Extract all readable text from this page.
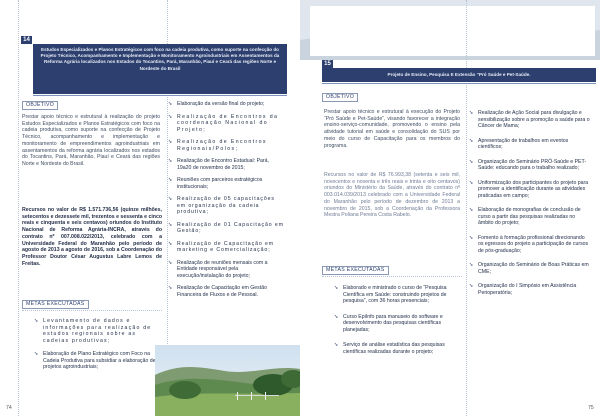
14
Estudos Especializados e Planos Estratégicos com foco na cadeia produtiva, como suporte na confecção do Projeto Técnico, Acompanhamento e Implementação e Monitoramento Agroindustriais em Assentamentos da Reforma Agrária localizados nos Estados do Tocantins, Pará, Maranhão, Piauí e Ceará das regiões Norte e Nordeste do Brasil
OBJETIVO
Prestar apoio técnico e estrutural à realização do projeto Estudos Especializados e Planos Estratégicos com foco na cadeia produtiva, como suporte na confecção de Projeto Técnico, acompanhamento e implementação e monitoramento de empreendimentos agroindustriais em assentamentos da reforma agrária localizados nos estados do Tocantins, Pará, Maranhão, Piauí e Ceará das regiões Norte e Nordeste do Brasil.
Recursos no valor de R$ 1.571.736,56 (quinze milhões, setecentos e dezessete mil, trezentos e sessenta e cinco reais e cinquenta e seis centavos) oriundos do Instituto Nacional de Reforma Agrária-INCRA, através do contrato nº 007.008.022/2013, celebrado com a Universidade Federal do Maranhão pelo período de agosto de 2013 a agosto de 2016, sob a Coordenação do Professor Doutor César Augustus Labre Lemos de Freitas.
METAS EXECUTADAS
➘ Levantamento de dados e informações para realização de estudos regionais sobre as cadeias produtivas;
➘ Elaboração de Plano Estratégico com Foco na Cadeia Produtiva para subsidiar a elaboração de projetos agroindustriais;
➘ Elaboração da versão final do projeto;
➘ Realização de Encontros da coordenação Nacional do Projeto;
➘ Realização de Encontros Regionais/Polos;
➘ Realização de Encontro Estadual: Pará, 19a20 de novembro de 2015;
➘ Reuniões com parceiros estratégicos institucionais;
➘ Realização de 05 capacitações em organização da cadeia produtiva;
➘ Realização de 01 Capacitação em Gestão;
➘ Realização de Capacitação em marketing e Comercialização;
➘ Realização de reuniões mensais com a Entidade responsável pela execução/instalação do projeto;
➘ Realização de Capacitação em Gestão Financeira de Fluxos e de Pessoal.
74
15
Projeto de Ensino, Pesquisa E Extensão “Pró Saúde e Pet-Saúde.
OBJETIVO
Prestar apoio técnico e estrutural à execução do Projeto “Pró Saúde e Pet-Saúde”, visando favorecer a integração ensino-serviço-comunidade, promovendo o ensino pela atividade tutorial em saúde e consolidação do SUS por meio do curso de Capacitação para os membros do programa.
Recursos no valor de R$ 76.993,38 (setenta e seis mil, novecentos e noventa e três reais e trinta e oito centavos) oriundos do Ministério da Saúde, através do contrato nº 003.014.039/2013 celebrado com a Universidade Federal do Maranhão pelo período de dezembro de 2013 a novembro de 2015, sob a Coordenação da Professora Mestra Poliana Pereira Costa Rabelo.
METAS EXECUTADAS
➘ Elaborado e ministrado o curso de “Pesquisa Científica em Saúde: construindo projetos de pesquisa”, com 36 horas presenciais;
➘ Curso EpiInfo para manuseio do software e desenvolvimento das pesquisas científicas planejadas;
➘ Serviço de análise estatística das pesquisas científicas realizadas durante o projeto;
➘ Realização de Ação Social para divulgação e sensibilização sobre a promoção a saúde para o Câncer de Mama;
➘ Apresentação de trabalhos em eventos científicos;
➘ Organização do Seminário PRÓ-Saúde e PET-Saúde: educando para o trabalho realizado;
➘ Uniformização dos participantes do projeto para promover a identificação durante as atividades praticadas em campo;
➘ Elaboração de monografias de conclusão de curso a partir das pesquisas realizadas no âmbito do projeto;
➘ Fomento à formação profissional direcionando os egressos do projeto a participação de cursos de pós-graduação;
➘ Organização do Seminário de Boas Práticas em CME;
➘ Organização do I Simpósio em Assistência Perioperatória;
75
